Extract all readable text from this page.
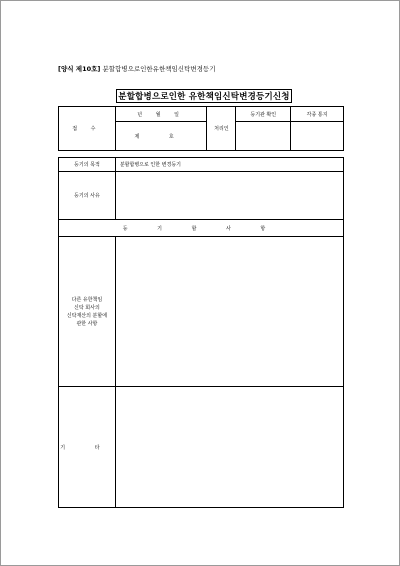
[양식 제10호] 분할합병으로인한유한책임신탁변경등기
분할합병으로인한 유한책임신탁변경등기신청
접 수	년 월 일	처리인	등기관 확인	각종 통지
	제 호			
등기의 목적	분할합병으로 인한 변경등기
등기의 사유	
등 기 할 사 항	

다른 유한책임
신탁 회사의
신탁재산의 분할에
관한 사항	

기 타	
